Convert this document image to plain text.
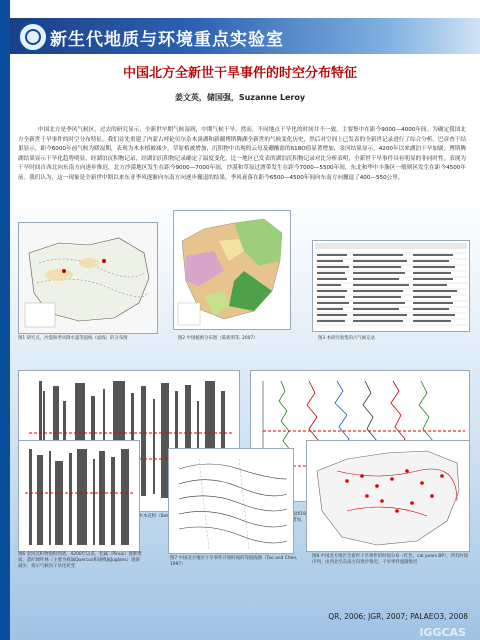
新生代地质与环境重点实验室
中国北方全新世干旱事件的时空分布特征
姜文英，储国强，Suzanne Leroy

中国北方是季风气候区，过去的研究显示，全新世早期气候湿润，中期气候干旱。然而，不同地点干旱化的时间并不一致。主要集中在距今9000—4000年间。为确定我国北方全新世干旱事件的时空分布特征，我们首先重建了内蒙古呼伦贝尔杂木岗湖和新疆博斯腾湖全新世的气候变化历史，然后对空间上已发表的全新世记录进行了综合分析。巴彦查干结果显示，距今6000年前气候为暖湿期，表现为木本植被减少，草原植被增加，沉积物中出现的云母及硼酸盐的δ18O值显著增加，金河结果显示，4200年以来湖泊干旱加剧；博斯腾湖结果显示干旱化趋势明显，经湖泊沉积物记录，经湖泊沉积物记录确定了温度变化，比一地区已发表的湖泊沉积物记录对比分析表明，全新世干旱事件具有明显的非同时性。表现为干旱时间自西北向东南方向逐步推迟，北方沙漠地区发生在距今9000—7000年间，沙漠和草原过渡带发生在距今7000—5500年间，东北和华中丰脂区一般则区发生在距今4500年前。我们认为，这一现象是全新世中期以来东亚季风逐渐向东南方向逐步撤退的结果，季风衰落在距今6500—4500年间向东南方向撤退了400—550公里。

图1 研究点、沙漠和季风降水量等值线（虚线）的分布图	图2 中国植被分布图（陈新明等, 2007）	图3 本研究收集的古气候记录

图6 金河沉积物孢粉图谱，4200年以来，松属（Pinus）逐渐增加，落叶阔叶林（主要为栎属Quercus和胡桃属Juglans）逐渐减少，指示气候向干旱化转变

图7 中国北方地区干旱事件开始时间的等值线图（Tao and Chen, 1997）

图8 中国北方地区全新世干旱事件的时间分布（红色，cal years BP），所有时间序列，由西北至东南方向逐步推迟，干旱事件逐渐推迟

QR, 2006; JGR, 2007; PALAEO3, 2008
IGGCAS
